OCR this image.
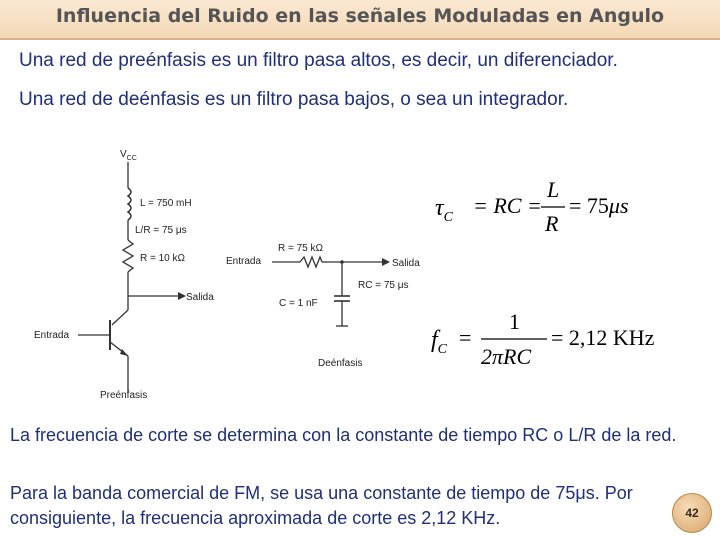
Influencia del Ruido en las señales Moduladas en Angulo
Una red de preénfasis es un filtro pasa altos, es decir, un diferenciador.
Una red de deénfasis es un filtro pasa bajos, o sea un integrador.
$V_{CC}$
L = 750 mH
L/R = 75 μs
R = 10 kΩ
Salida
Entrada
Preénfasis
R = 75 kΩ
Entrada	Salida
RC = 75 μs
C = 1 nF
Deénfasis
$\tau_C$ = RC =
L
R
= 75μs
$f_C$ =
1
2πRC
= 2,12 KHz
La frecuencia de corte se determina con la constante de tiempo RC o L/R de la red.
Para la banda comercial de FM, se usa una constante de tiempo de 75μs. Por consiguiente, la frecuencia aproximada de corte es 2,12 KHz.	42
